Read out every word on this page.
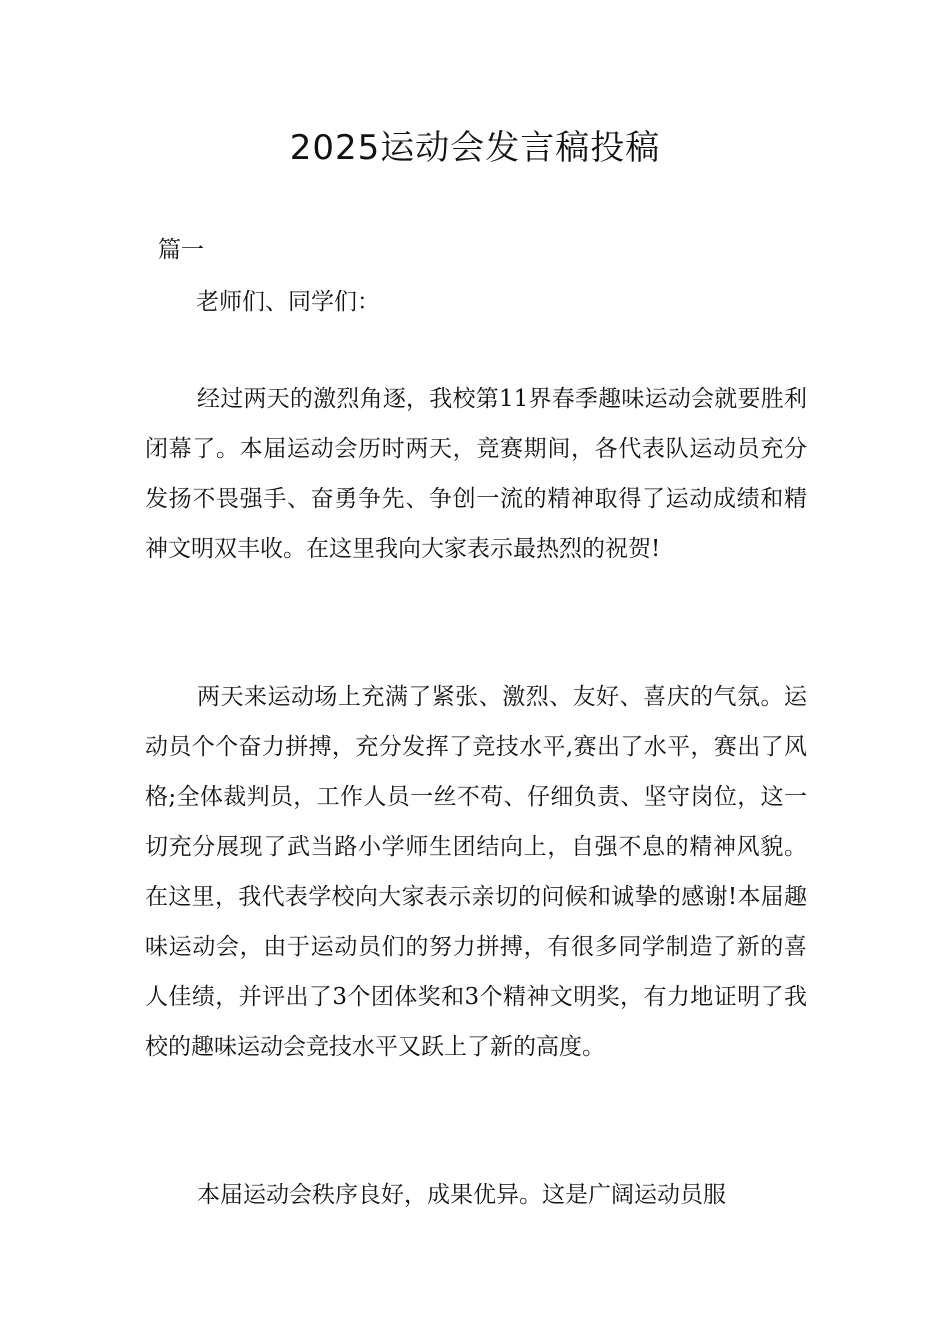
2025运动会发言稿投稿
篇一
老师们、同学们：

经过两天的激烈角逐，我校第11界春季趣味运动会就要胜利闭幕了。本届运动会历时两天，竞赛期间，各代表队运动员充分发扬不畏强手、奋勇争先、争创一流的精神取得了运动成绩和精神文明双丰收。在这里我向大家表示最热烈的祝贺!

两天来运动场上充满了紧张、激烈、友好、喜庆的气氛。运动员个个奋力拼搏，充分发挥了竞技水平,赛出了水平，赛出了风格;全体裁判员，工作人员一丝不苟、仔细负责、坚守岗位，这一切充分展现了武当路小学师生团结向上，自强不息的精神风貌。在这里，我代表学校向大家表示亲切的问候和诚挚的感谢!本届趣味运动会，由于运动员们的努力拼搏，有很多同学制造了新的喜人佳绩，并评出了3个团体奖和3个精神文明奖，有力地证明了我校的趣味运动会竞技水平又跃上了新的高度。

本届运动会秩序良好，成果优异。这是广阔运动员服
